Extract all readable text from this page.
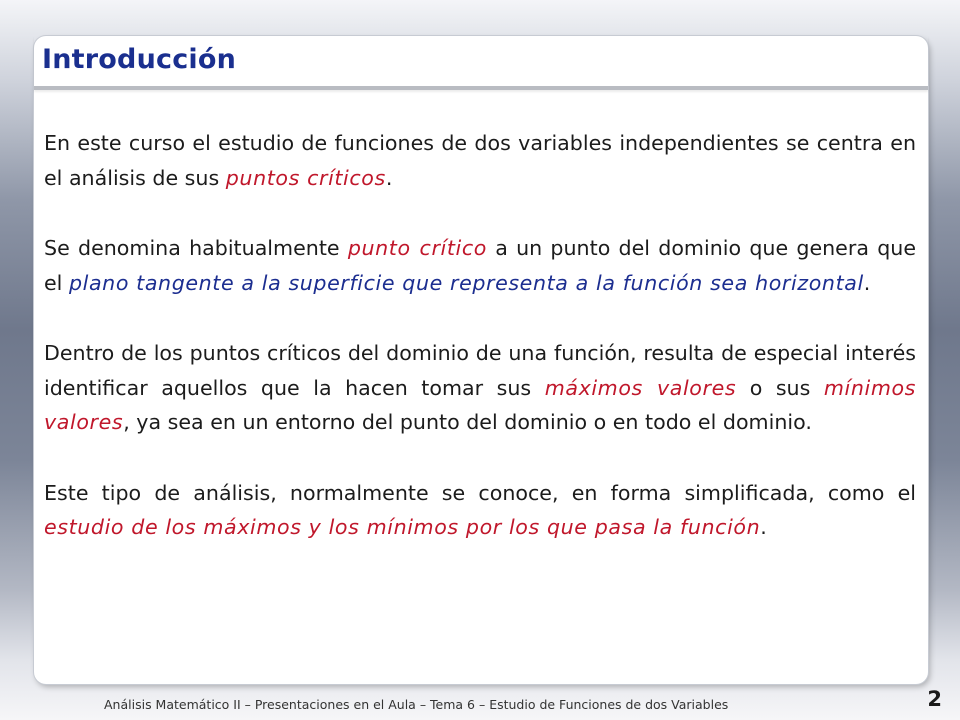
Introducción

En este curso el estudio de funciones de dos variables independientes se centra en el análisis de sus puntos críticos.

Se denomina habitualmente punto crítico a un punto del dominio que genera que el plano tangente a la superficie que representa a la función sea horizontal.

Dentro de los puntos críticos del dominio de una función, resulta de especial interés identificar aquellos que la hacen tomar sus máximos valores o sus mínimos valores, ya sea en un entorno del punto del dominio o en todo el dominio.

Este tipo de análisis, normalmente se conoce, en forma simplificada, como el estudio de los máximos y los mínimos por los que pasa la función.

Análisis Matemático II – Presentaciones en el Aula – Tema 6 – Estudio de Funciones de dos Variables	2
